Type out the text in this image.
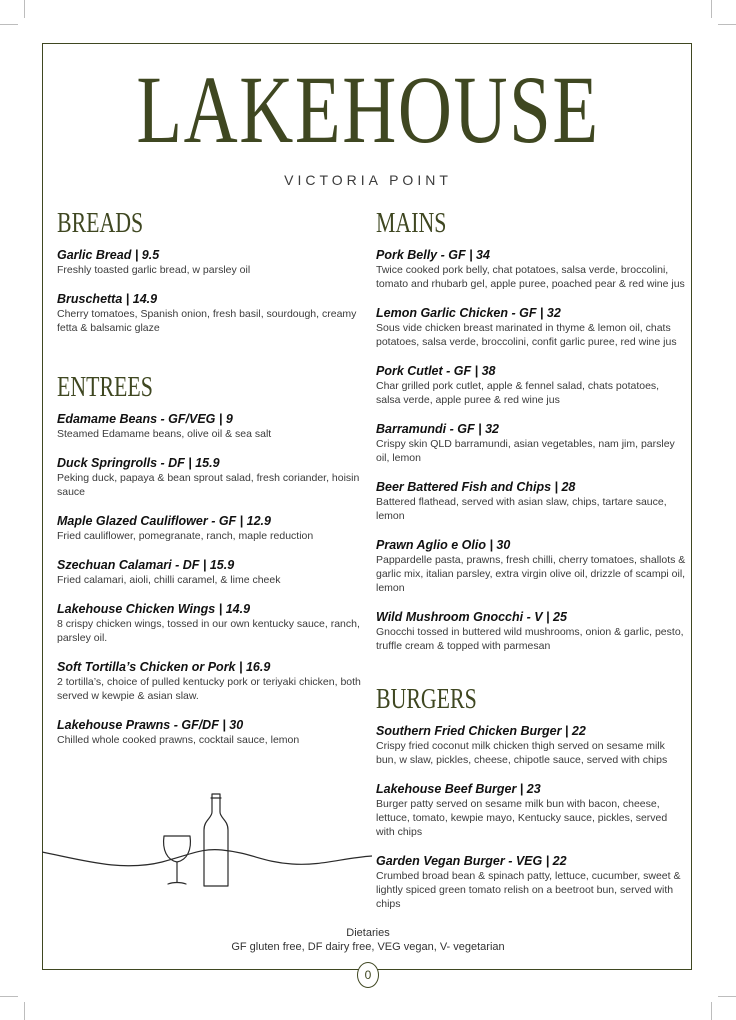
LAKEHOUSE
VICTORIA POINT
BREADS
Garlic Bread | 9.5
Freshly toasted garlic bread, w parsley oil
Bruschetta | 14.9
Cherry tomatoes, Spanish onion, fresh basil, sourdough, creamy fetta & balsamic glaze
ENTREES
Edamame Beans - GF/VEG | 9
Steamed Edamame beans, olive oil & sea salt
Duck Springrolls - DF | 15.9
Peking duck, papaya & bean sprout salad, fresh coriander, hoisin sauce
Maple Glazed Cauliflower - GF | 12.9
Fried cauliflower, pomegranate, ranch, maple reduction
Szechuan Calamari - DF | 15.9
Fried calamari, aioli, chilli caramel, & lime cheek
Lakehouse Chicken Wings | 14.9
8 crispy chicken wings, tossed in our own kentucky sauce, ranch, parsley oil.
Soft Tortilla’s Chicken or Pork | 16.9
2 tortilla’s, choice of pulled kentucky pork or teriyaki chicken, both served w kewpie & asian slaw.
Lakehouse Prawns - GF/DF | 30
Chilled whole cooked prawns, cocktail sauce, lemon
MAINS
Pork Belly - GF | 34
Twice cooked pork belly, chat potatoes, salsa verde, broccolini, tomato and rhubarb gel, apple puree, poached pear & red wine jus
Lemon Garlic Chicken - GF | 32
Sous vide chicken breast marinated in thyme & lemon oil, chats potatoes, salsa verde, broccolini, confit garlic puree, red wine jus
Pork Cutlet - GF | 38
Char grilled pork cutlet, apple & fennel salad, chats potatoes, salsa verde, apple puree & red wine jus
Barramundi - GF | 32
Crispy skin QLD barramundi, asian vegetables, nam jim, parsley oil, lemon
Beer Battered Fish and Chips | 28
Battered flathead, served with asian slaw, chips, tartare sauce, lemon
Prawn Aglio e Olio | 30
Pappardelle pasta, prawns, fresh chilli, cherry tomatoes, shallots & garlic mix, italian parsley, extra virgin olive oil, drizzle of scampi oil, lemon
Wild Mushroom Gnocchi - V | 25
Gnocchi tossed in buttered wild mushrooms, onion & garlic, pesto, truffle cream & topped with parmesan
BURGERS
Southern Fried Chicken Burger | 22
Crispy fried coconut milk chicken thigh served on sesame milk bun, w slaw, pickles, cheese, chipotle sauce, served with chips
Lakehouse Beef Burger | 23
Burger patty served on sesame milk bun with bacon, cheese, lettuce, tomato, kewpie mayo, Kentucky sauce, pickles, served with chips
Garden Vegan Burger - VEG | 22
Crumbed broad bean & spinach patty, lettuce, cucumber, sweet & lightly spiced green tomato relish on a beetroot bun, served with chips
Dietaries
GF gluten free, DF dairy free, VEG vegan, V- vegetarian
0
